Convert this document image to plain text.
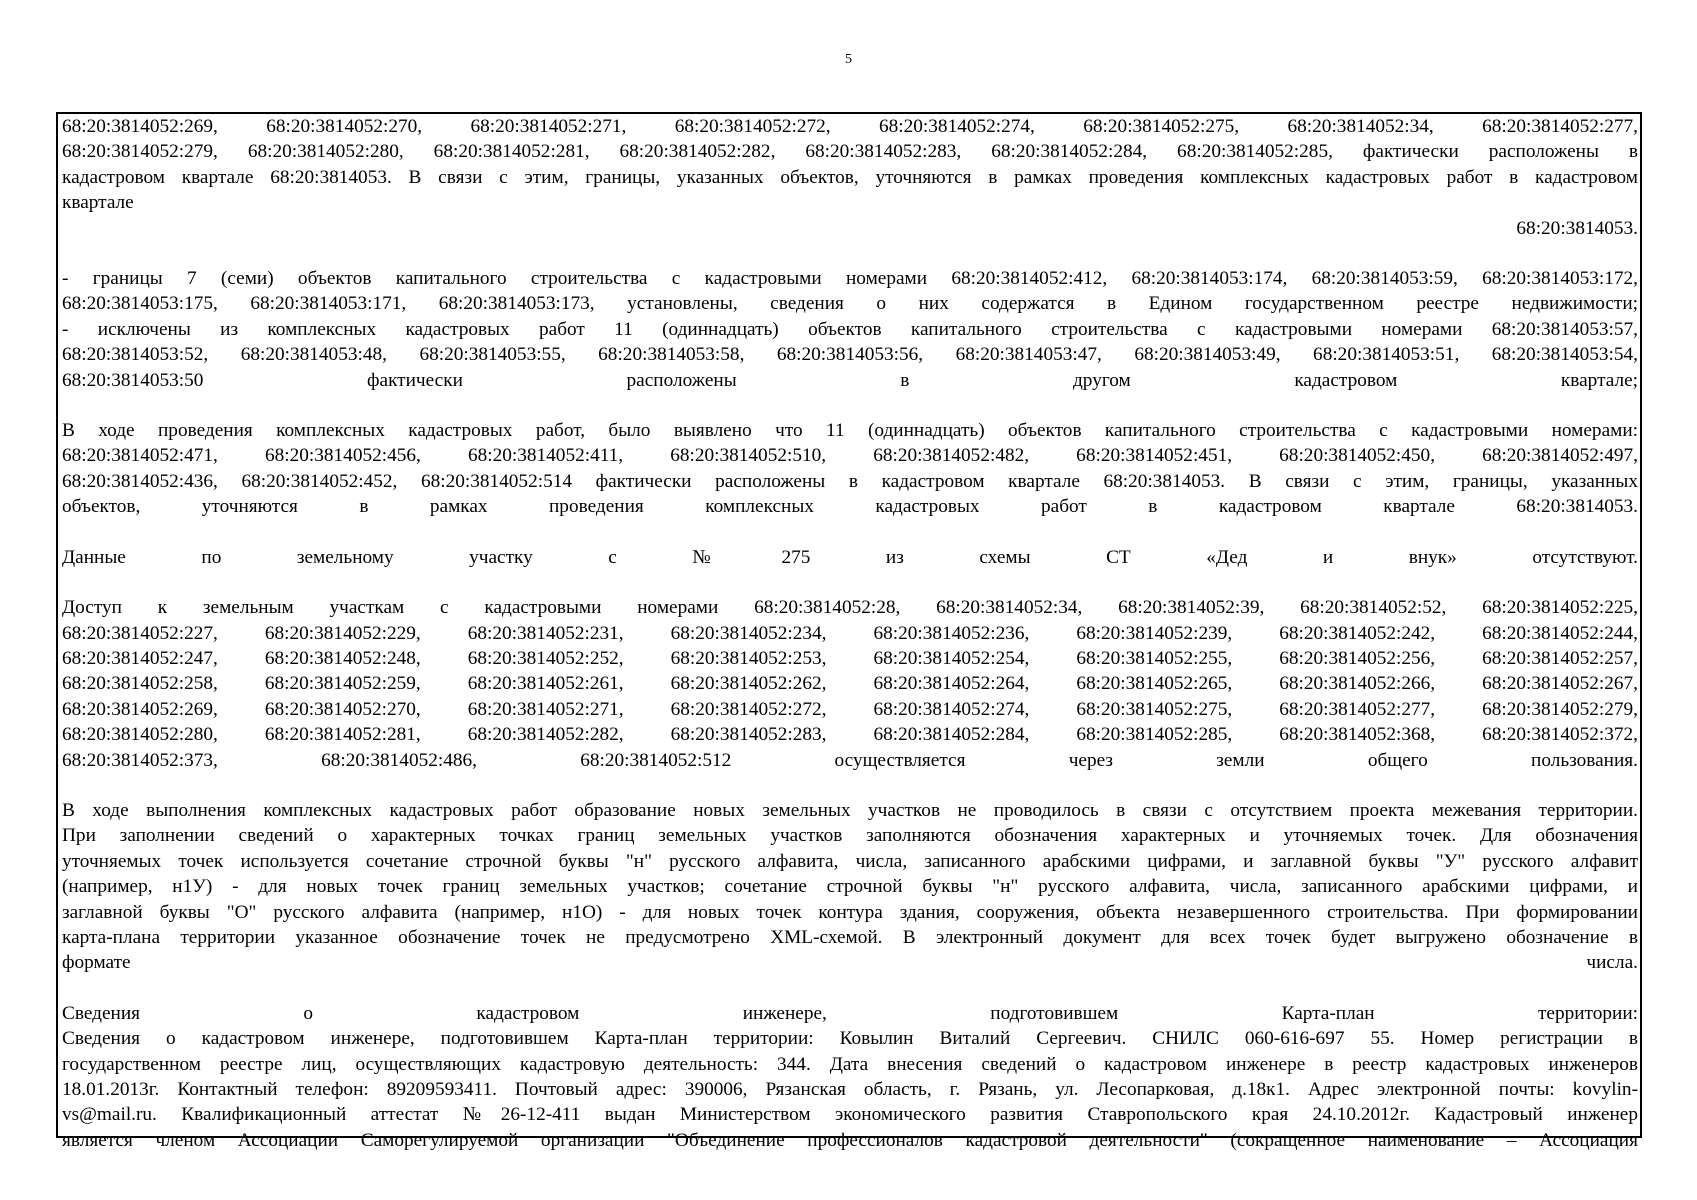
5
68:20:3814052:269, 68:20:3814052:270, 68:20:3814052:271, 68:20:3814052:272, 68:20:3814052:274, 68:20:3814052:275, 68:20:3814052:34, 68:20:3814052:277,
68:20:3814052:279, 68:20:3814052:280, 68:20:3814052:281, 68:20:3814052:282, 68:20:3814052:283, 68:20:3814052:284, 68:20:3814052:285, фактически расположены в
кадастровом квартале 68:20:3814053. В связи с этим, границы, указанных объектов, уточняются в рамках проведения комплексных кадастровых работ в кадастровом
квартале
68:20:3814053.
- границы 7 (семи) объектов капитального строительства с кадастровыми номерами 68:20:3814052:412, 68:20:3814053:174, 68:20:3814053:59, 68:20:3814053:172,
68:20:3814053:175, 68:20:3814053:171, 68:20:3814053:173, установлены, сведения о них содержатся в Едином государственном реестре недвижимости;
- исключены из комплексных кадастровых работ 11 (одиннадцать) объектов капитального строительства с кадастровыми номерами 68:20:3814053:57,
68:20:3814053:52, 68:20:3814053:48, 68:20:3814053:55, 68:20:3814053:58, 68:20:3814053:56, 68:20:3814053:47, 68:20:3814053:49, 68:20:3814053:51, 68:20:3814053:54,
68:20:3814053:50 фактически расположены в другом кадастровом квартале;
В ходе проведения комплексных кадастровых работ, было выявлено что 11 (одиннадцать) объектов капитального строительства с кадастровыми номерами:
68:20:3814052:471, 68:20:3814052:456, 68:20:3814052:411, 68:20:3814052:510, 68:20:3814052:482, 68:20:3814052:451, 68:20:3814052:450, 68:20:3814052:497,
68:20:3814052:436, 68:20:3814052:452, 68:20:3814052:514 фактически расположены в кадастровом квартале 68:20:3814053. В связи с этим, границы, указанных
объектов, уточняются в рамках проведения комплексных кадастровых работ в кадастровом квартале 68:20:3814053.
Данные по земельному участку с №275 из схемы СТ «Дед и внук» отсутствуют.
Доступ к земельным участкам с кадастровыми номерами 68:20:3814052:28, 68:20:3814052:34, 68:20:3814052:39, 68:20:3814052:52, 68:20:3814052:225,
68:20:3814052:227, 68:20:3814052:229, 68:20:3814052:231, 68:20:3814052:234, 68:20:3814052:236, 68:20:3814052:239, 68:20:3814052:242, 68:20:3814052:244,
68:20:3814052:247, 68:20:3814052:248, 68:20:3814052:252, 68:20:3814052:253, 68:20:3814052:254, 68:20:3814052:255, 68:20:3814052:256, 68:20:3814052:257,
68:20:3814052:258, 68:20:3814052:259, 68:20:3814052:261, 68:20:3814052:262, 68:20:3814052:264, 68:20:3814052:265, 68:20:3814052:266, 68:20:3814052:267,
68:20:3814052:269, 68:20:3814052:270, 68:20:3814052:271, 68:20:3814052:272, 68:20:3814052:274, 68:20:3814052:275, 68:20:3814052:277, 68:20:3814052:279,
68:20:3814052:280, 68:20:3814052:281, 68:20:3814052:282, 68:20:3814052:283, 68:20:3814052:284, 68:20:3814052:285, 68:20:3814052:368, 68:20:3814052:372,
68:20:3814052:373, 68:20:3814052:486, 68:20:3814052:512 осуществляется через земли общего пользования.
В ходе выполнения комплексных кадастровых работ образование новых земельных участков не проводилось в связи с отсутствием проекта межевания территории.
При заполнении сведений о характерных точках границ земельных участков заполняются обозначения характерных и уточняемых точек. Для обозначения
уточняемых точек используется сочетание строчной буквы "н" русского алфавита, числа, записанного арабскими цифрами, и заглавной буквы "У" русского алфавит
(например, н1У) - для новых точек границ земельных участков; сочетание строчной буквы "н" русского алфавита, числа, записанного арабскими цифрами, и
заглавной буквы "О" русского алфавита (например, н1О) - для новых точек контура здания, сооружения, объекта незавершенного строительства. При формировании
карта-плана территории указанное обозначение точек не предусмотрено XML-схемой. В электронный документ для всех точек будет выгружено обозначение в
формате числа.
Сведения о кадастровом инженере, подготовившем Карта-план территории:
Сведения о кадастровом инженере, подготовившем Карта-план территории: Ковылин Виталий Сергеевич. СНИЛС 060-616-697 55. Номер регистрации в
государственном реестре лиц, осуществляющих кадастровую деятельность: 344. Дата внесения сведений о кадастровом инженере в реестр кадастровых инженеров
18.01.2013г. Контактный телефон: 89209593411. Почтовый адрес: 390006, Рязанская область, г. Рязань, ул. Лесопарковая, д.18к1. Адрес электронной почты: kovylin-
vs@mail.ru. Квалификационный аттестат №26-12-411 выдан Министерством экономического развития Ставропольского края 24.10.2012г. Кадастровый инженер
является членом Ассоциации Саморегулируемой организации "Объединение профессионалов кадастровой деятельности" (сокращенное наименование – Ассоциация
